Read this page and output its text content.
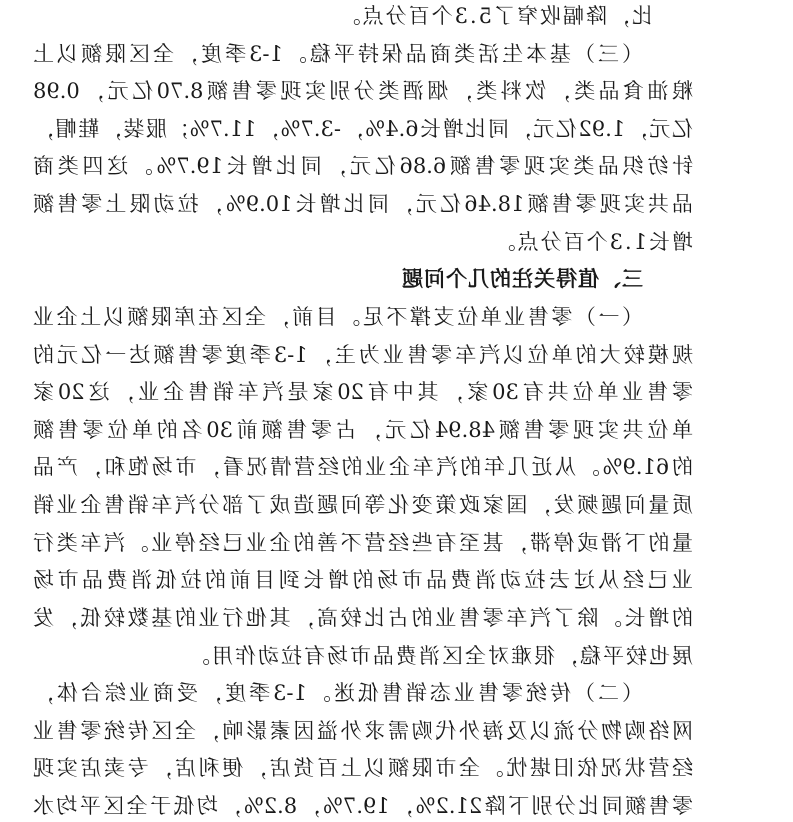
比，降幅收窄了5.3个百分点。
（三）基本生活类商品保持平稳。1-3季度，全区限额以上
粮油食品类，饮料类，烟酒类分别实现零售额8.70亿元，0.98
亿元，1.92亿元，同比增长6.4%，-3.7%，11.7%；服装，鞋帽，
针纺织品类实现零售额6.86亿元，同比增长19.7%。这四类商
品共实现零售额18.46亿元，同比增长10.9%，拉动限上零售额
增长1.3个百分点。
三、值得关注的几个问题
（一）零售业单位支撑不足。目前，全区在库限额以上企业
规模较大的单位以汽车零售业为主，1-3季度零售额达一亿元的
零售业单位共有30家，其中有20家是汽车销售企业，这20家
单位共实现零售额48.94亿元，占零售额前30名的单位零售额
的61.9%。从近几年的汽车企业的经营情况看，市场饱和，产品
质量问题频发，国家政策变化等问题造成了部分汽车销售企业销
量的下滑或停滞，甚至有些经营不善的企业已经停业。汽车类行
业已经从过去拉动消费品市场的增长到目前的拉低消费品市场
的增长。除了汽车零售业的占比较高，其他行业的基数较低，发
展也较平稳，很难对全区消费品市场有拉动作用。
（二）传统零售业态销售低迷。1-3季度，受商业综合体，
网络购物分流以及海外代购需求外溢因素影响，全区传统零售业
经营状况依旧堪忧。全市限额以上百货店，便利店，专卖店实现
零售额同比分别下降21.2%，19.7%，8.2%，均低于全区平均水
